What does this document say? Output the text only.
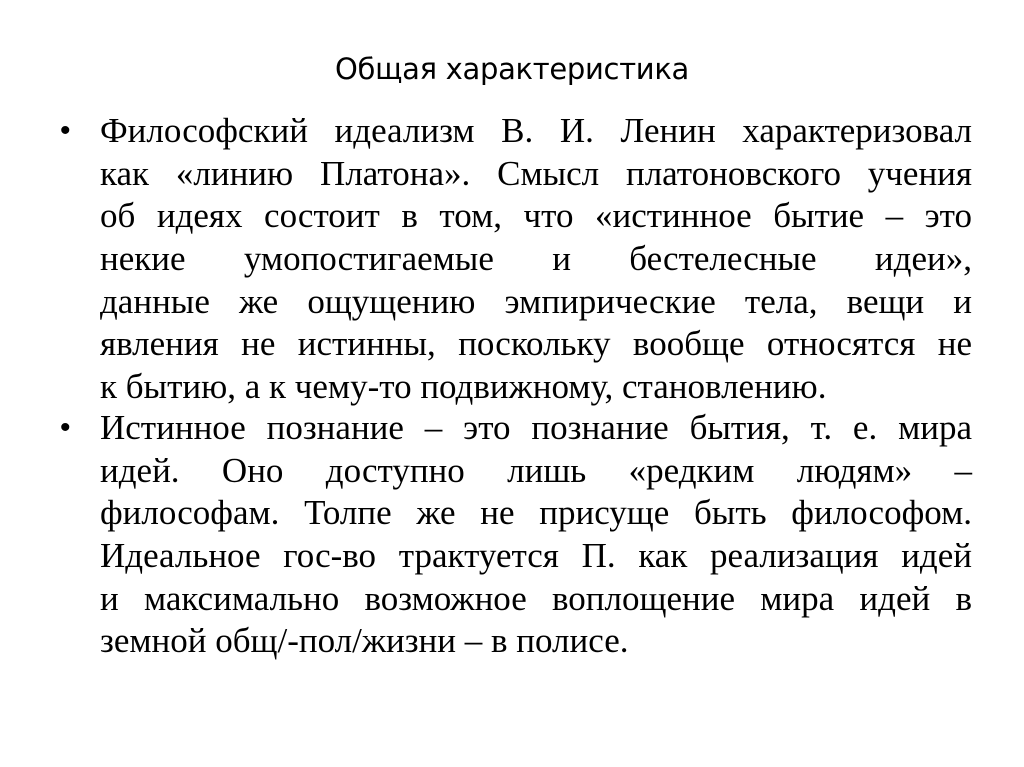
Общая характеристика
• Философский идеализм В. И. Ленин характеризовал
как «линию Платона». Смысл платоновского учения
об идеях состоит в том, что «истинное бытие – это
некие умопостигаемые и бестелесные идеи»,
данные же ощущению эмпирические тела, вещи и
явления не истинны, поскольку вообще относятся не
к бытию, а к чему-то подвижному, становлению.
• Истинное познание – это познание бытия, т. е. мира
идей. Оно доступно лишь «редким людям» –
философам. Толпе же не присуще быть философом.
Идеальное гос-во трактуется П. как реализация идей
и максимально возможное воплощение мира идей в
земной общ/-пол/жизни – в полисе.
